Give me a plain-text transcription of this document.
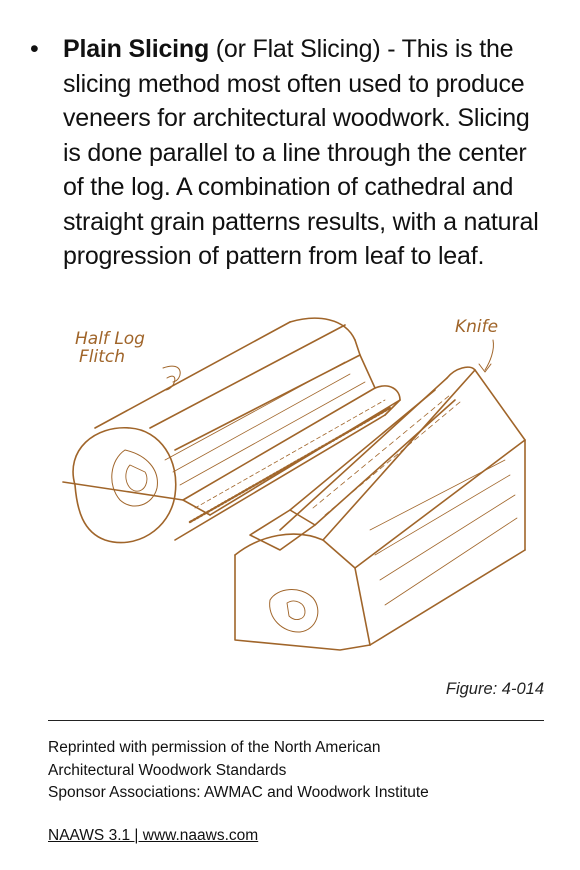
• Plain Slicing (or Flat Slicing) - This is the slicing method most often used to produce veneers for architectural woodwork. Slicing is done parallel to a line through the center of the log. A combination of cathedral and straight grain patterns results, with a natural progression of pattern from leaf to leaf.

Half Log
Flitch
Knife
Figure: 4-014
Reprinted with permission of the North American
Architectural Woodwork Standards
Sponsor Associations: AWMAC and Woodwork Institute
NAAWS 3.1 | www.naaws.com
